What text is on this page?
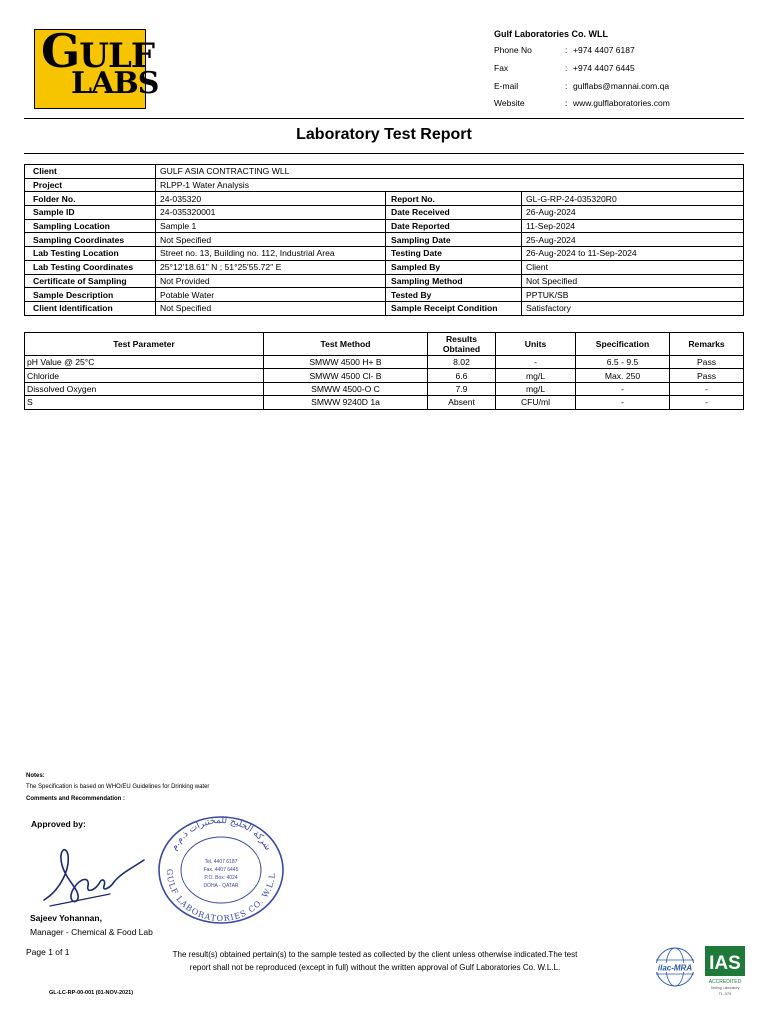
GULF
LABS
Gulf Laboratories Co. WLL
Phone No	: +974 4407 6187
Fax	: +974 4407 6445
E-mail	: gulflabs@mannai.com.qa
Website	: www.gulflaboratories.com
Laboratory Test Report
Client	GULF ASIA CONTRACTING WLL		
Project	RLPP-1 Water Analysis		
Folder No.	24-035320	Report No.	GL-G-RP-24-035320R0
Sample ID	24-035320001	Date Received	26-Aug-2024
Sampling Location	Sample 1	Date Reported	11-Sep-2024
Sampling Coordinates	Not Specified	Sampling Date	25-Aug-2024
Lab Testing Location	Street no. 13, Building no. 112, Industrial Area	Testing Date	26-Aug-2024 to 11-Sep-2024
Lab Testing Coordinates	25°12'18.61" N ; 51°25'55.72" E	Sampled By	Client
Certificate of Sampling	Not Provided	Sampling Method	Not Specified
Sample Description	Potable Water	Tested By	PPTUK/SB
Client Identification	Not Specified	Sample Receipt Condition	Satisfactory
Test Parameter	Test Method	Results Obtained	Units	Specification	Remarks
pH Value @ 25°C	SMWW 4500 H+ B	8.02	-	6.5 - 9.5	Pass
Chloride	SMWW 4500 Cl- B	6.6	mg/L	Max. 250	Pass
Dissolved Oxygen	SMWW 4500-O C	7.9	mg/L	-	-
S	SMWW 9240D 1a	Absent	CFU/ml	-	-
Notes:
The Specification is based on WHO/EU Guidelines for Drinking water
Comments and Recommendation :
Approved by:
Sajeev Yohannan,
Manager - Chemical & Food Lab
شركة الخليج للمختبرات ذ.م.م
GULF LABORATORIES CO. W.L.L
Tel. 4407 6187
Fax. 4407 6445
P.O. Box: 4024
DOHA - QATAR
Page 1 of 1	The result(s) obtained pertain(s) to the sample tested as collected by the client unless otherwise indicated.The test
report shall not be reproduced (except in full) without the written approval of Gulf Laboratories Co. W.L.L.
GL-LC-RP-00-001 (01-NOV-2021)
ilac-MRA IAS
ACCREDITED
Testing Laboratory
TL-375
